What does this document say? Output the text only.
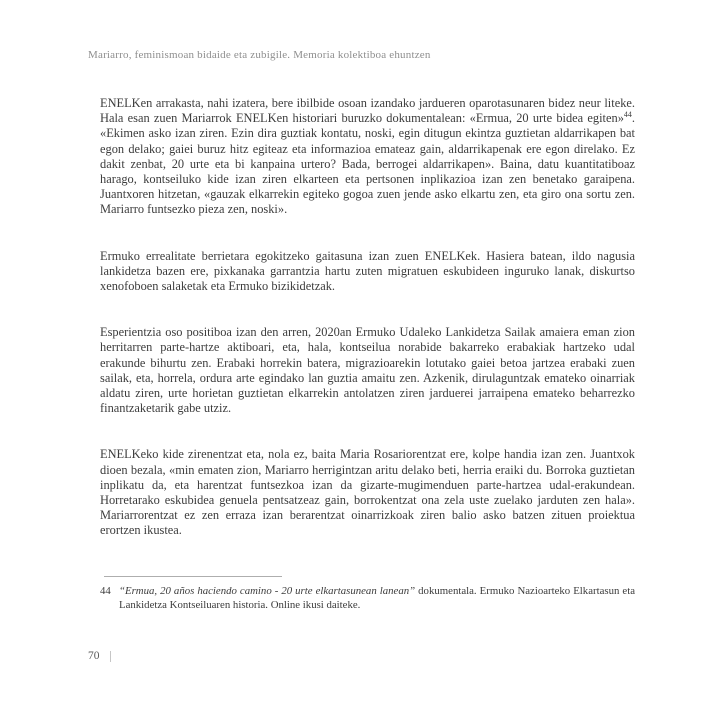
Mariarro, feminismoan bidaide eta zubigile. Memoria kolektiboa ehuntzen

ENELKen arrakasta, nahi izatera, bere ibilbide osoan izandako jardueren oparotasunaren bidez neur liteke. Hala esan zuen Mariarrok ENELKen historiari buruzko dokumentalean: «Ermua, 20 urte bidea egiten»$^{44}$. «Ekimen asko izan ziren. Ezin dira guztiak kontatu, noski, egin ditugun ekintza guztietan aldarrikapen bat egon delako; gaiei buruz hitz egiteaz eta informazioa emateaz gain, aldarrikapenak ere egon direlako. Ez dakit zenbat, 20 urte eta bi kanpaina urtero? Bada, berrogei aldarrikapen». Baina, datu kuantitatiboaz harago, kontseiluko kide izan ziren elkarteen eta pertsonen inplikazioa izan zen benetako garaipena. Juantxoren hitzetan, «gauzak elkarrekin egiteko gogoa zuen jende asko elkartu zen, eta giro ona sortu zen. Mariarro funtsezko pieza zen, noski».

Ermuko errealitate berrietara egokitzeko gaitasuna izan zuen ENELKek. Hasiera batean, ildo nagusia lankidetza bazen ere, pixkanaka garrantzia hartu zuten migratuen eskubideen inguruko lanak, diskurtso xenofoboen salaketak eta Ermuko bizikidetzak.

Esperientzia oso positiboa izan den arren, 2020an Ermuko Udaleko Lankidetza Sailak amaiera eman zion herritarren parte-hartze aktiboari, eta, hala, kontseilua norabide bakarreko erabakiak hartzeko udal erakunde bihurtu zen. Erabaki horrekin batera, migrazioarekin lotutako gaiei betoa jartzea erabaki zuen sailak, eta, horrela, ordura arte egindako lan guztia amaitu zen. Azkenik, dirulaguntzak emateko oinarriak aldatu ziren, urte horietan guztietan elkarrekin antolatzen ziren jarduerei jarraipena emateko beharrezko finantzaketarik gabe utziz.

ENELKeko kide zirenentzat eta, nola ez, baita Maria Rosariorentzat ere, kolpe handia izan zen. Juantxok dioen bezala, «min ematen zion, Mariarro herrigintzan aritu delako beti, herria eraiki du. Borroka guztietan inplikatu da, eta harentzat funtsezkoa izan da gizarte-mugimenduen parte-hartzea udal-erakundean. Horretarako eskubidea genuela pentsatzeaz gain, borrokentzat ona zela uste zuelako jarduten zen hala». Mariarrorentzat ez zen erraza izan berarentzat oinarrizkoak ziren balio asko batzen zituen proiektua erortzen ikustea.

44 “Ermua, 20 años haciendo camino - 20 urte elkartasunean lanean” dokumentala. Ermuko Nazioarteko Elkartasun eta Lankidetza Kontseiluaren historia. Online ikusi daiteke.
70
